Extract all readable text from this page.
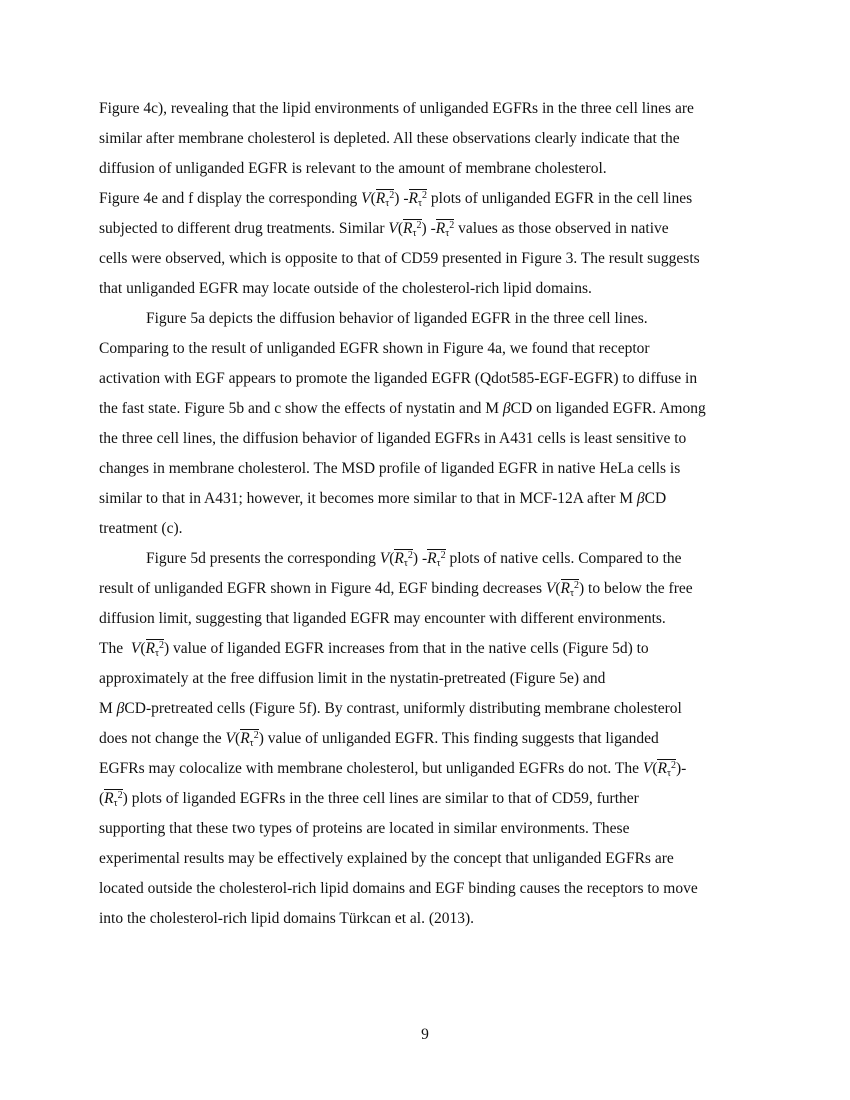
Figure 4c), revealing that the lipid environments of unliganded EGFRs in the three cell lines are
similar after membrane cholesterol is depleted. All these observations clearly indicate that the
diffusion of unliganded EGFR is relevant to the amount of membrane cholesterol.
Figure 4e and f display the corresponding $V(R_\tau^2)$ $-R_\tau^2$ plots of unliganded EGFR in the cell lines
subjected to different drug treatments. Similar $V(R_\tau^2)$ $-R_\tau^2$ values as those observed in native
cells were observed, which is opposite to that of CD59 presented in Figure 3. The result suggests
that unliganded EGFR may locate outside of the cholesterol-rich lipid domains.
Figure 5a depicts the diffusion behavior of liganded EGFR in the three cell lines.
Comparing to the result of unliganded EGFR shown in Figure 4a, we found that receptor
activation with EGF appears to promote the liganded EGFR (Qdot585-EGF-EGFR) to diffuse in
the fast state. Figure 5b and c show the effects of nystatin and M βCD on liganded EGFR. Among
the three cell lines, the diffusion behavior of liganded EGFRs in A431 cells is least sensitive to
changes in membrane cholesterol. The MSD profile of liganded EGFR in native HeLa cells is
similar to that in A431; however, it becomes more similar to that in MCF-12A after M βCD
treatment (c).
Figure 5d presents the corresponding $V(R_\tau^2)$ $-R_\tau^2$ plots of native cells. Compared to the
result of unliganded EGFR shown in Figure 4d, EGF binding decreases $V(R_\tau^2)$ to below the free
diffusion limit, suggesting that liganded EGFR may encounter with different environments.
The  $V(R_\tau^2)$ value of liganded EGFR increases from that in the native cells (Figure 5d) to
approximately at the free diffusion limit in the nystatin-pretreated (Figure 5e) and
M βCD-pretreated cells (Figure 5f). By contrast, uniformly distributing membrane cholesterol
does not change the $V(R_\tau^2)$ value of unliganded EGFR. This finding suggests that liganded
EGFRs may colocalize with membrane cholesterol, but unliganded EGFRs do not. The $V(R_\tau^2)-$
$(R_\tau^2)$ plots of liganded EGFRs in the three cell lines are similar to that of CD59, further
supporting that these two types of proteins are located in similar environments. These
experimental results may be effectively explained by the concept that unliganded EGFRs are
located outside the cholesterol-rich lipid domains and EGF binding causes the receptors to move
into the cholesterol-rich lipid domains Türkcan et al. (2013).
9
